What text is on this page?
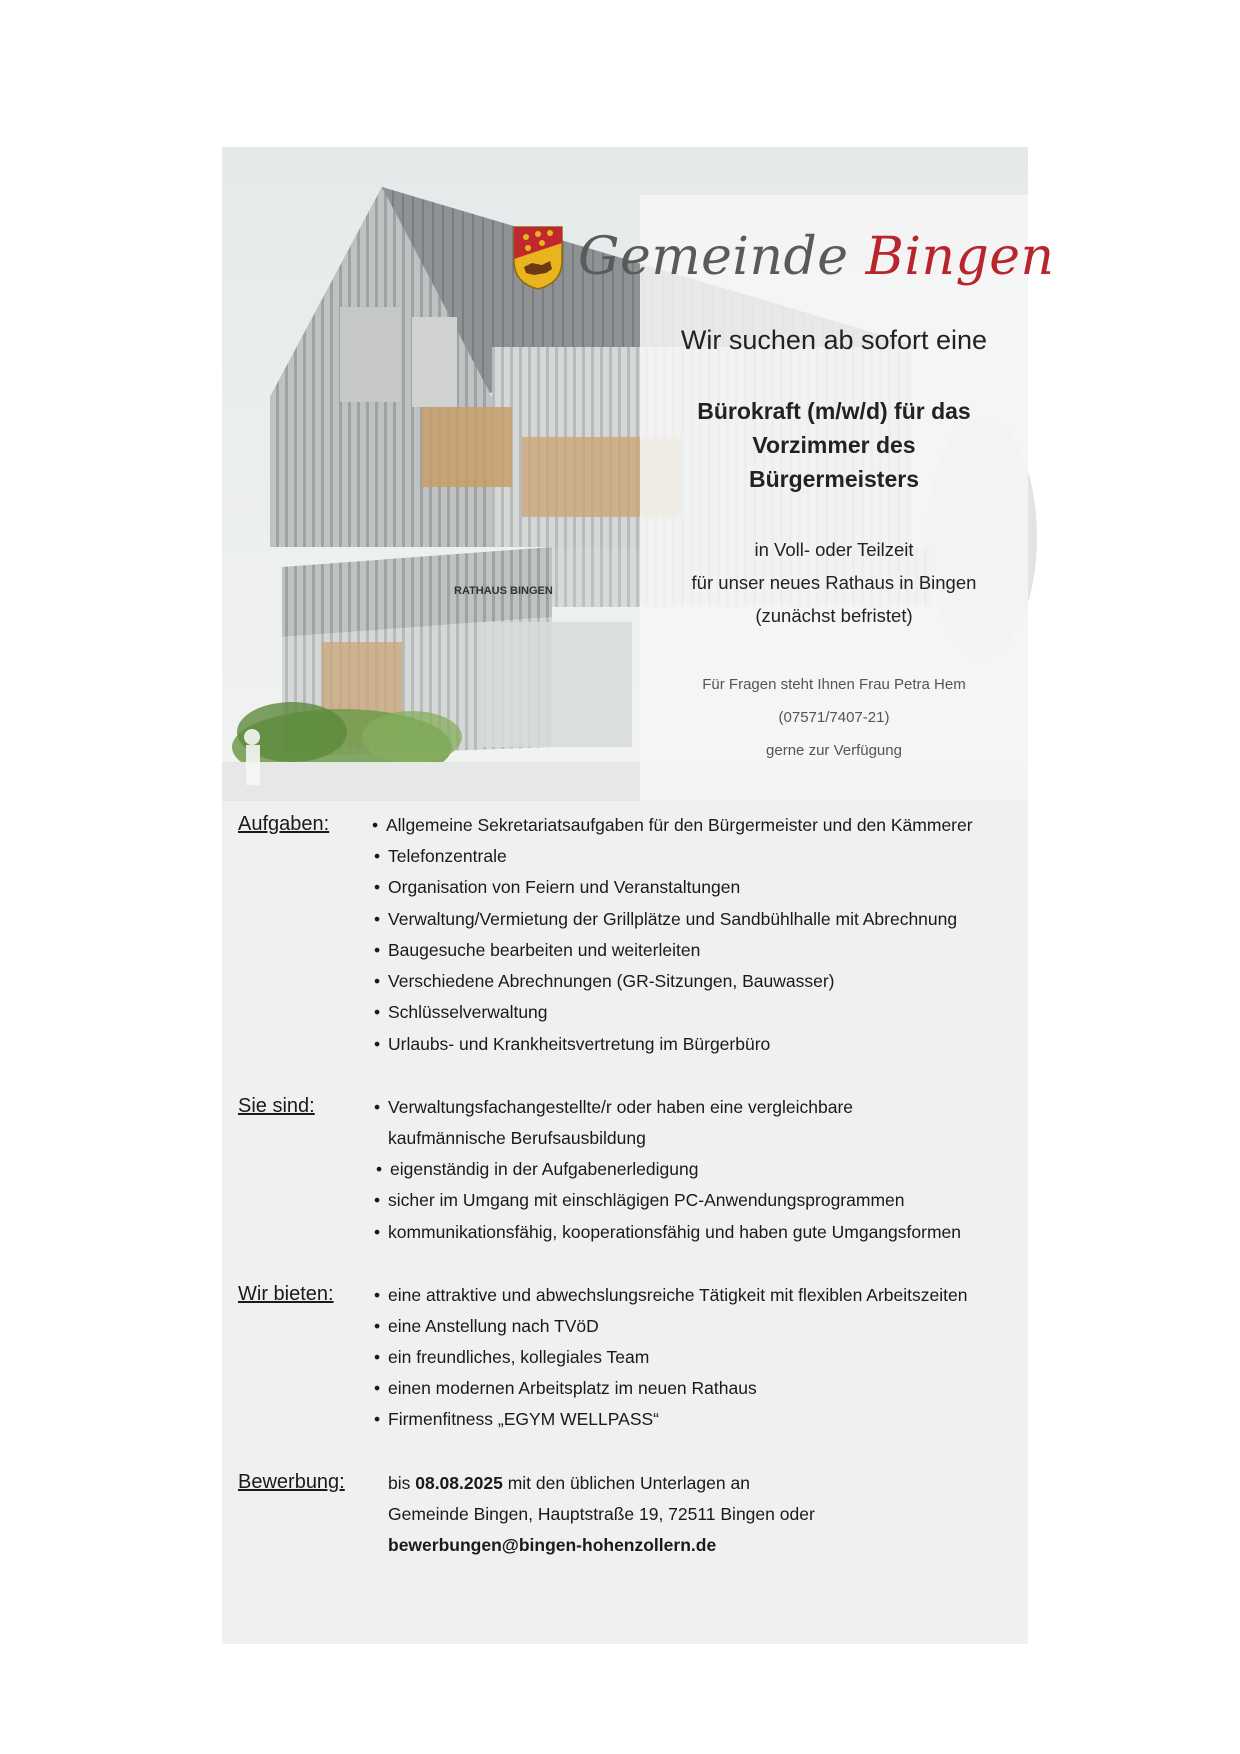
RATHAUS BINGEN
Gemeinde Bingen
Wir suchen ab sofort eine
Bürokraft (m/w/d) für das
Vorzimmer des
Bürgermeisters
in Voll- oder Teilzeit
für unser neues Rathaus in Bingen
(zunächst befristet)
Für Fragen steht Ihnen Frau Petra Hem
(07571/7407-21)
gerne zur Verfügung
Aufgaben: • Allgemeine Sekretariatsaufgaben für den Bürgermeister und den Kämmerer
• Telefonzentrale
• Organisation von Feiern und Veranstaltungen
• Verwaltung/Vermietung der Grillplätze und Sandbühlhalle mit Abrechnung
• Baugesuche bearbeiten und weiterleiten
• Verschiedene Abrechnungen (GR-Sitzungen, Bauwasser)
• Schlüsselverwaltung
• Urlaubs- und Krankheitsvertretung im Bürgerbüro
Sie sind:	• Verwaltungsfachangestellte/r oder haben eine vergleichbare
kaufmännische Berufsausbildung
• eigenständig in der Aufgabenerledigung
• sicher im Umgang mit einschlägigen PC-Anwendungsprogrammen
• kommunikationsfähig, kooperationsfähig und haben gute Umgangsformen
Wir bieten: • eine attraktive und abwechslungsreiche Tätigkeit mit flexiblen Arbeitszeiten
• eine Anstellung nach TVöD
• ein freundliches, kollegiales Team
• einen modernen Arbeitsplatz im neuen Rathaus
• Firmenfitness „EGYM WELLPASS“
Bewerbung: bis 08.08.2025 mit den üblichen Unterlagen an
Gemeinde Bingen, Hauptstraße 19, 72511 Bingen oder
bewerbungen@bingen-hohenzollern.de
